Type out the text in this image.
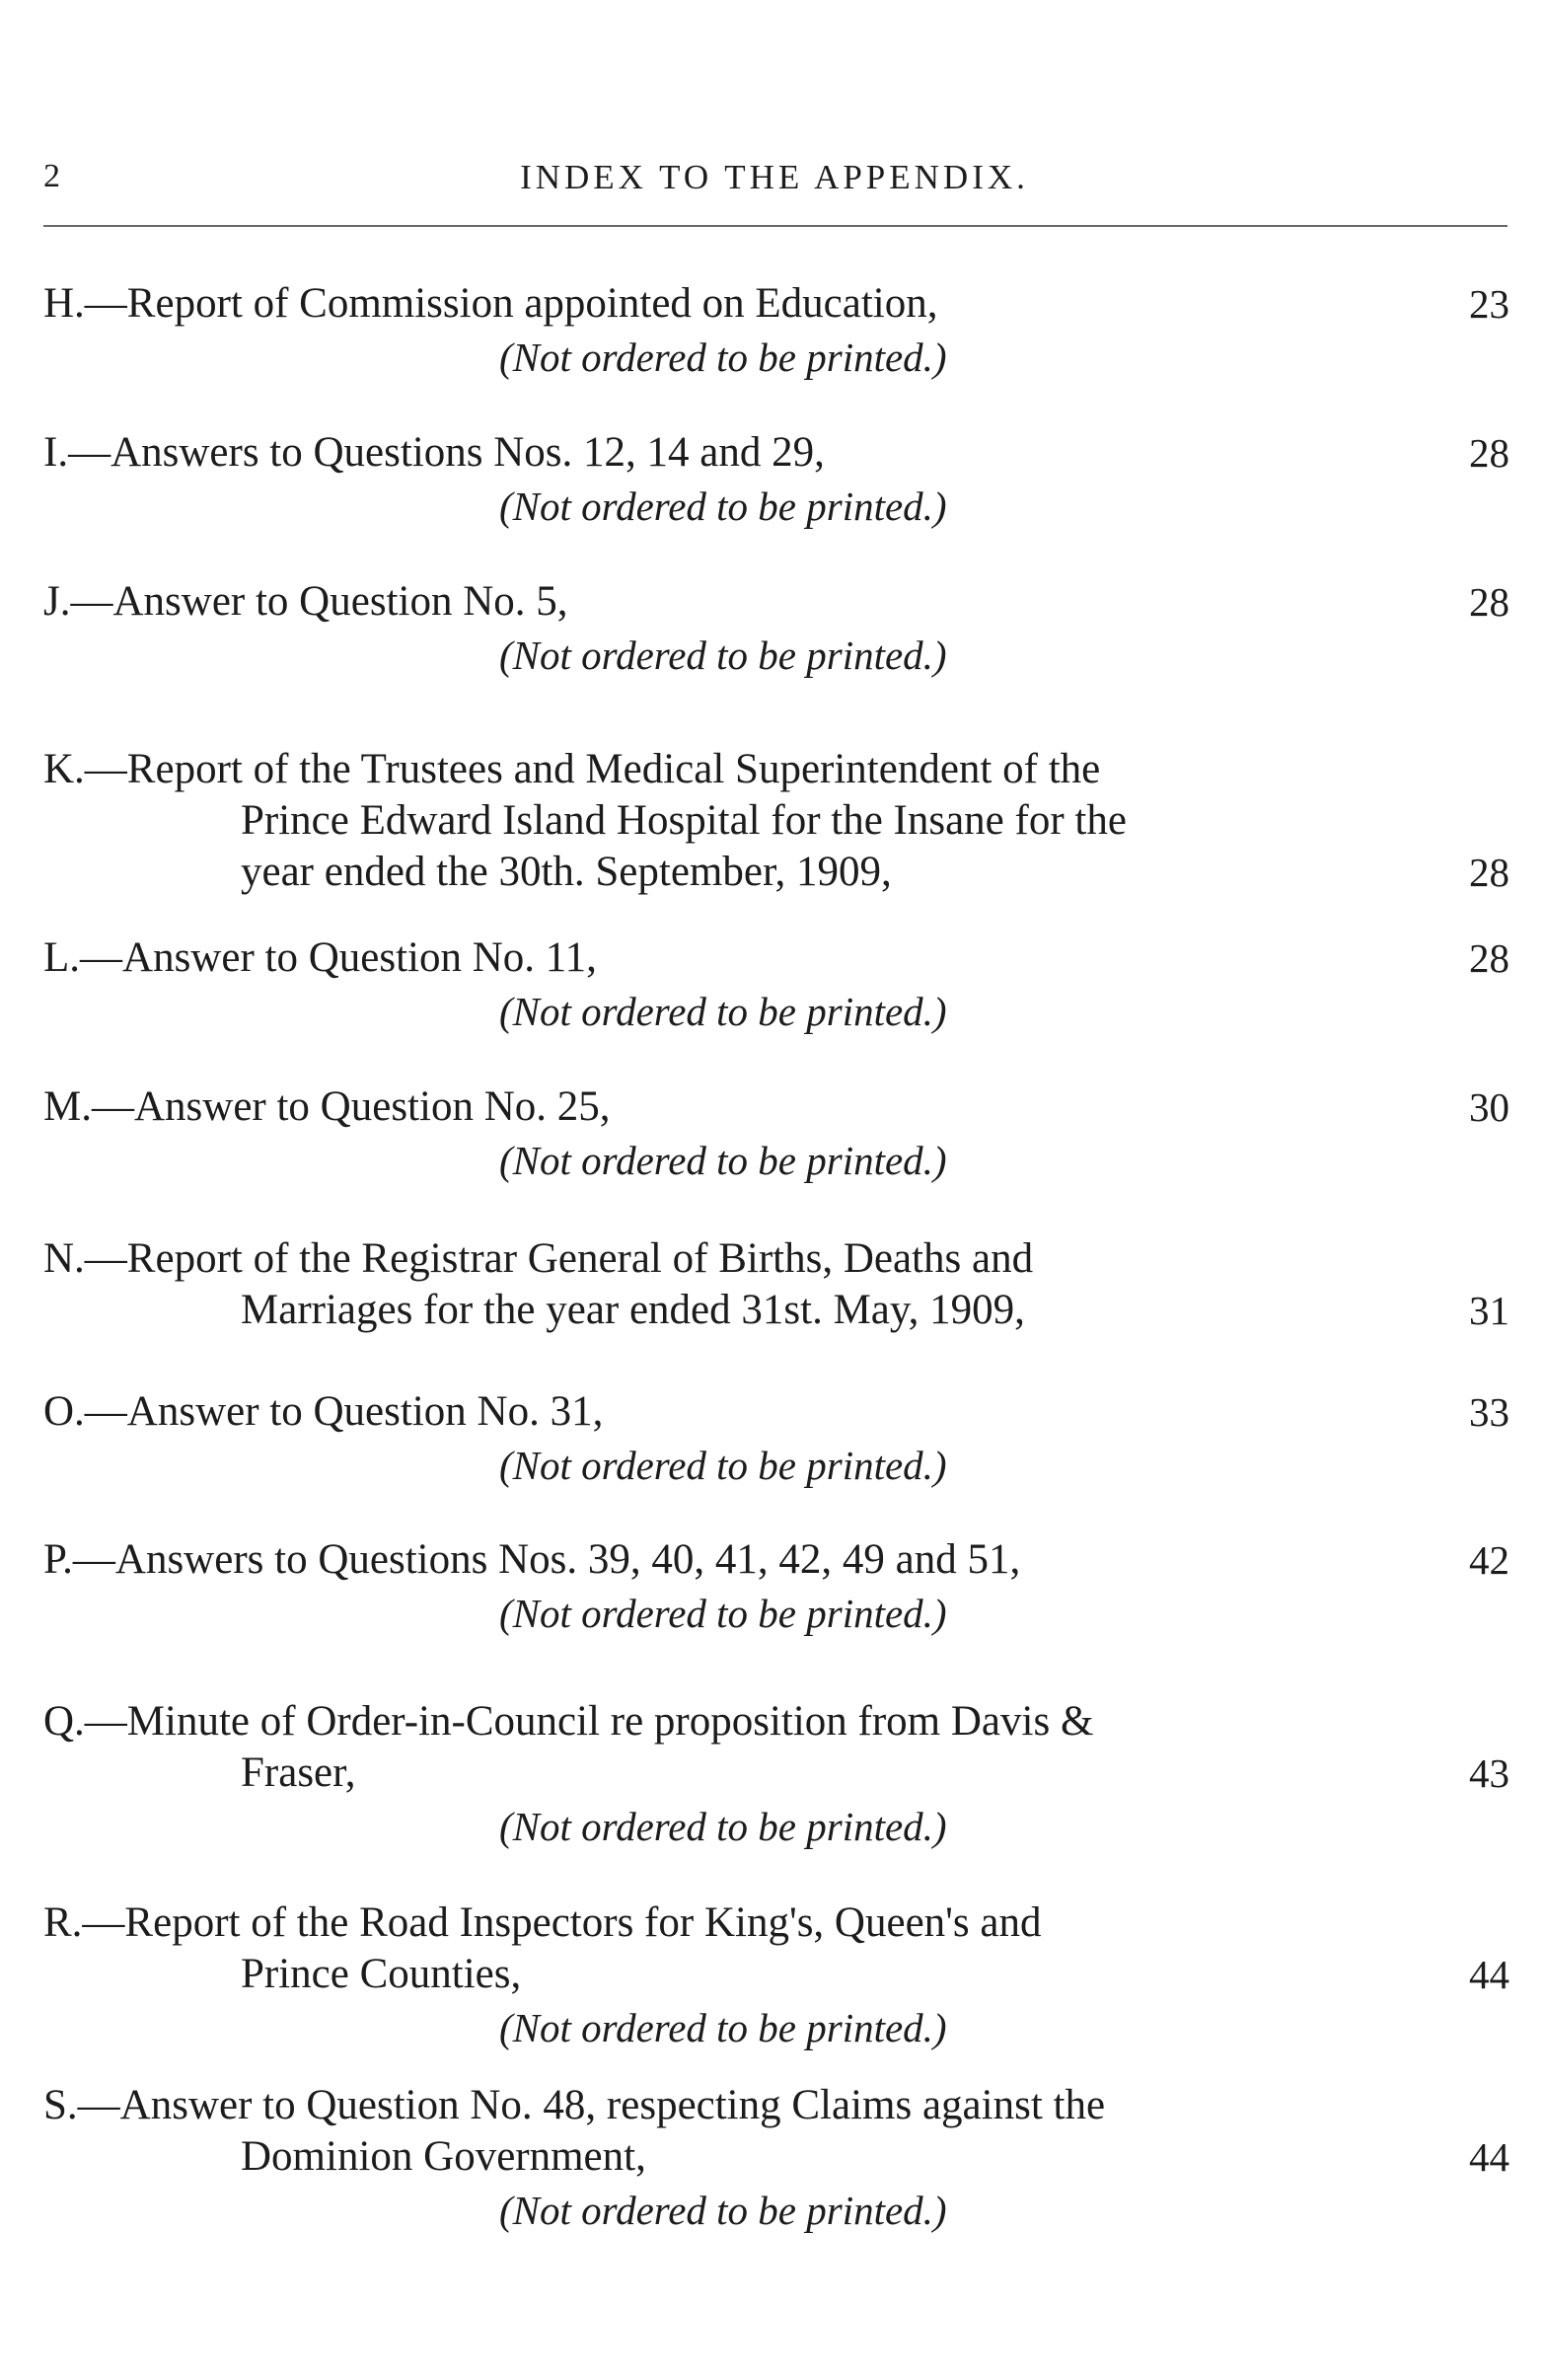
2	INDEX TO THE APPENDIX.
H.—Report of Commission appointed on Education,	23
(Not ordered to be printed.)
I.—Answers to Questions Nos. 12, 14 and 29,	28
(Not ordered to be printed.)
J.—Answer to Question No. 5,	28
(Not ordered to be printed.)
K.—Report of the Trustees and Medical Superintendent of the
Prince Edward Island Hospital for the Insane for the
year ended the 30th. September, 1909,	28
L.—Answer to Question No. 11,	28
(Not ordered to be printed.)
M.—Answer to Question No. 25,	30
(Not ordered to be printed.)
N.—Report of the Registrar General of Births, Deaths and
Marriages for the year ended 31st. May, 1909,	31
O.—Answer to Question No. 31,	33
(Not ordered to be printed.)
P.—Answers to Questions Nos. 39, 40, 41, 42, 49 and 51,	42
(Not ordered to be printed.)
Q.—Minute of Order-in-Council re proposition from Davis &
Fraser,	43
(Not ordered to be printed.)
R.—Report of the Road Inspectors for King's, Queen's and
Prince Counties,	44
(Not ordered to be printed.)
S.—Answer to Question No. 48, respecting Claims against the
Dominion Government,	44
(Not ordered to be printed.)
